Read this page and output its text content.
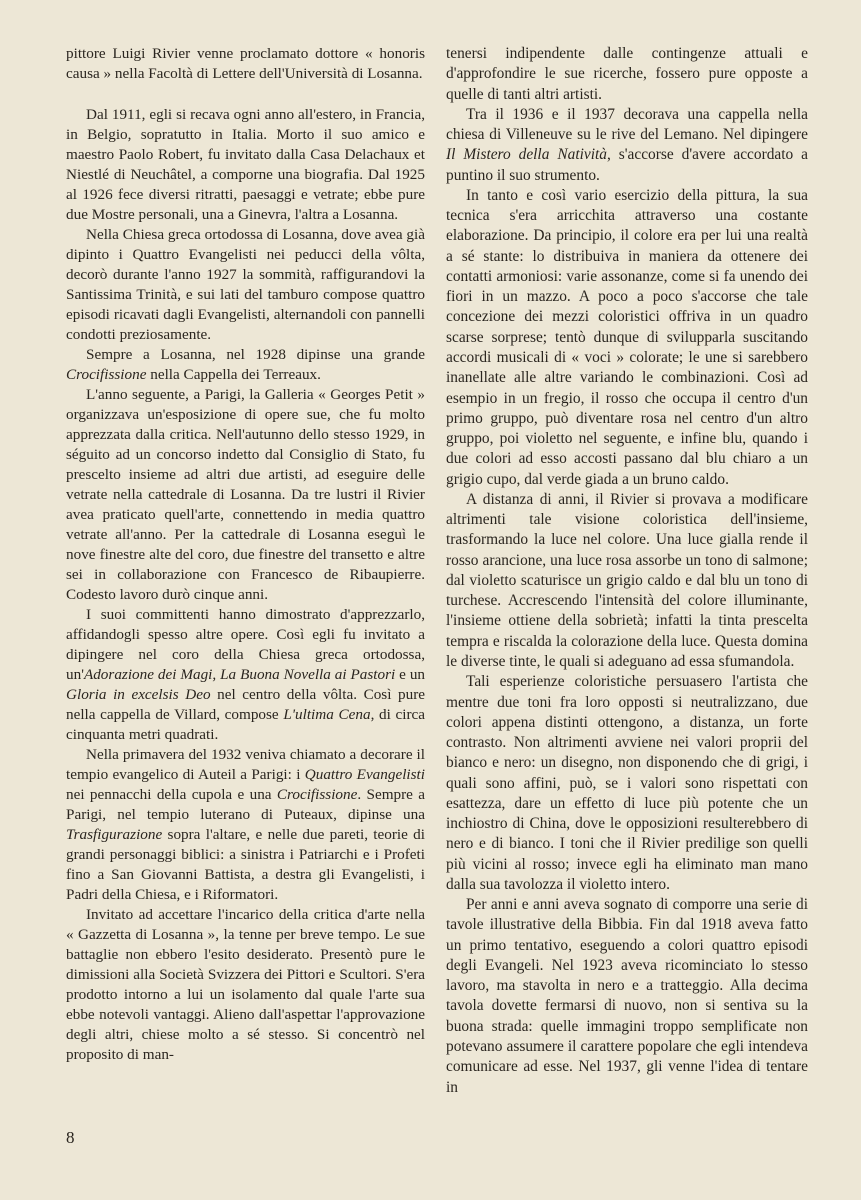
pittore Luigi Rivier venne proclamato dottore « honoris causa » nella Facoltà di Lettere dell'Università di Losanna.

Dal 1911, egli si recava ogni anno all'estero, in Francia, in Belgio, sopratutto in Italia. Morto il suo amico e maestro Paolo Robert, fu invitato dalla Casa Delachaux et Niestlé di Neuchâtel, a comporne una biografia. Dal 1925 al 1926 fece diversi ritratti, paesaggi e vetrate; ebbe pure due Mostre personali, una a Ginevra, l'altra a Losanna.

Nella Chiesa greca ortodossa di Losanna, dove avea già dipinto i Quattro Evangelisti nei peducci della vôlta, decorò durante l'anno 1927 la sommità, raffigurandovi la Santissima Trinità, e sui lati del tamburo compose quattro episodi ricavati dagli Evangelisti, alternandoli con pannelli condotti preziosamente.

Sempre a Losanna, nel 1928 dipinse una grande Crocifissione nella Cappella dei Terreaux.

L'anno seguente, a Parigi, la Galleria « Georges Petit » organizzava un'esposizione di opere sue, che fu molto apprezzata dalla critica. Nell'autunno dello stesso 1929, in séguito ad un concorso indetto dal Consiglio di Stato, fu prescelto insieme ad altri due artisti, ad eseguire delle vetrate nella cattedrale di Losanna. Da tre lustri il Rivier avea praticato quell'arte, connettendo in media quattro vetrate all'anno. Per la cattedrale di Losanna eseguì le nove finestre alte del coro, due finestre del transetto e altre sei in collaborazione con Francesco de Ribaupierre. Codesto lavoro durò cinque anni.

I suoi committenti hanno dimostrato d'apprezzarlo, affidandogli spesso altre opere. Così egli fu invitato a dipingere nel coro della Chiesa greca ortodossa, un'Adorazione dei Magi, La Buona Novella ai Pastori e un Gloria in excelsis Deo nel centro della vôlta. Così pure nella cappella de Villard, compose L'ultima Cena, di circa cinquanta metri quadrati.

Nella primavera del 1932 veniva chiamato a decorare il tempio evangelico di Auteil a Parigi: i Quattro Evangelisti nei pennacchi della cupola e una Crocifissione. Sempre a Parigi, nel tempio luterano di Puteaux, dipinse una Trasfigurazione sopra l'altare, e nelle due pareti, teorie di grandi personaggi biblici: a sinistra i Patriarchi e i Profeti fino a San Giovanni Battista, a destra gli Evangelisti, i Padri della Chiesa, e i Riformatori.

Invitato ad accettare l'incarico della critica d'arte nella « Gazzetta di Losanna », la tenne per breve tempo. Le sue battaglie non ebbero l'esito desiderato. Presentò pure le dimissioni alla Società Svizzera dei Pittori e Scultori. S'era prodotto intorno a lui un isolamento dal quale l'arte sua ebbe notevoli vantaggi. Alieno dall'aspettar l'approvazione degli altri, chiese molto a sé stesso. Si concentrò nel proposito di man-

tenersi indipendente dalle contingenze attuali e d'approfondire le sue ricerche, fossero pure opposte a quelle di tanti altri artisti.

Tra il 1936 e il 1937 decorava una cappella nella chiesa di Villeneuve su le rive del Lemano. Nel dipingere Il Mistero della Natività, s'accorse d'avere accordato a puntino il suo strumento.

In tanto e così vario esercizio della pittura, la sua tecnica s'era arricchita attraverso una costante elaborazione. Da principio, il colore era per lui una realtà a sé stante: lo distribuiva in maniera da ottenere dei contatti armoniosi: varie assonanze, come si fa unendo dei fiori in un mazzo. A poco a poco s'accorse che tale concezione dei mezzi coloristici offriva in un quadro scarse sorprese; tentò dunque di svilupparla suscitando accordi musicali di « voci » colorate; le une si sarebbero inanellate alle altre variando le combinazioni. Così ad esempio in un fregio, il rosso che occupa il centro d'un primo gruppo, può diventare rosa nel centro d'un altro gruppo, poi violetto nel seguente, e infine blu, quando i due colori ad esso accosti passano dal blu chiaro a un grigio cupo, dal verde giada a un bruno caldo.

A distanza di anni, il Rivier si provava a modificare altrimenti tale visione coloristica dell'insieme, trasformando la luce nel colore. Una luce gialla rende il rosso arancione, una luce rosa assorbe un tono di salmone; dal violetto scaturisce un grigio caldo e dal blu un tono di turchese. Accrescendo l'intensità del colore illuminante, l'insieme ottiene della sobrietà; infatti la tinta prescelta tempra e riscalda la colorazione della luce. Questa domina le diverse tinte, le quali si adeguano ad essa sfumandola.

Tali esperienze coloristiche persuasero l'artista che mentre due toni fra loro opposti si neutralizzano, due colori appena distinti ottengono, a distanza, un forte contrasto. Non altrimenti avviene nei valori proprii del bianco e nero: un disegno, non disponendo che di grigi, i quali sono affini, può, se i valori sono rispettati con esattezza, dare un effetto di luce più potente che un inchiostro di China, dove le opposizioni resulterebbero di nero e di bianco. I toni che il Rivier predilige son quelli più vicini al rosso; invece egli ha eliminato man mano dalla sua tavolozza il violetto intero.

Per anni e anni aveva sognato di comporre una serie di tavole illustrative della Bibbia. Fin dal 1918 aveva fatto un primo tentativo, eseguendo a colori quattro episodi degli Evangeli. Nel 1923 aveva ricominciato lo stesso lavoro, ma stavolta in nero e a tratteggio. Alla decima tavola dovette fermarsi di nuovo, non si sentiva su la buona strada: quelle immagini troppo semplificate non potevano assumere il carattere popolare che egli intendeva comunicare ad esse. Nel 1937, gli venne l'idea di tentare in

8
